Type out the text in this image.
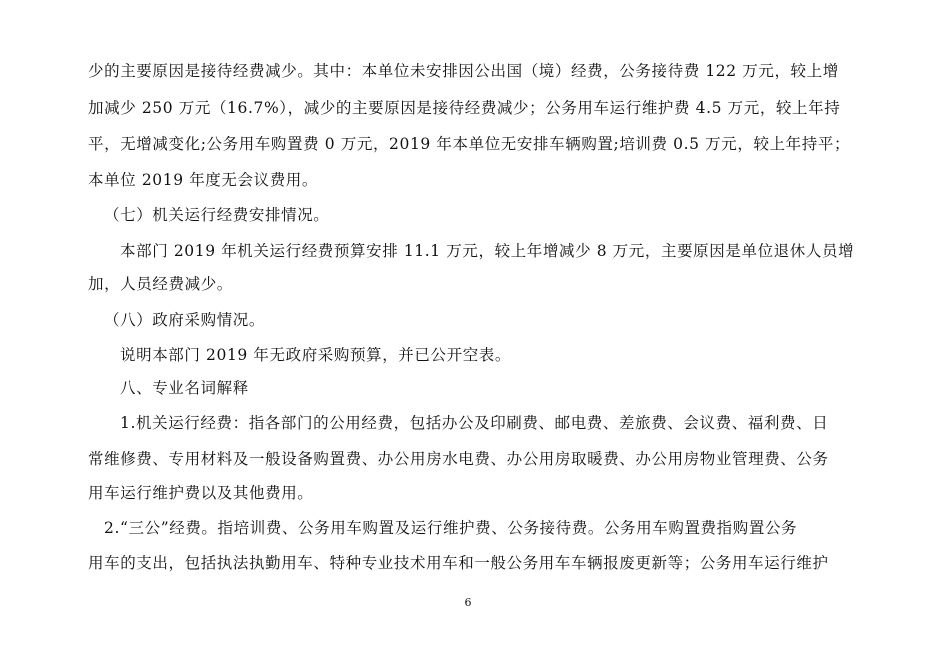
少的主要原因是接待经费减少。其中：本单位未安排因公出国（境）经费，公务接待费 122 万元，较上增
加减少 250 万元（16.7%），减少的主要原因是接待经费减少；公务用车运行维护费 4.5 万元，较上年持
平，无增减变化;公务用车购置费 0 万元，2019 年本单位无安排车辆购置;培训费 0.5 万元，较上年持平；
本单位 2019 年度无会议费用。
（七）机关运行经费安排情况。
本部门 2019 年机关运行经费预算安排 11.1 万元，较上年增减少 8 万元，主要原因是单位退休人员增
加，人员经费减少。
（八）政府采购情况。
说明本部门 2019 年无政府采购预算，并已公开空表。
八、专业名词解释
1.机关运行经费：指各部门的公用经费，包括办公及印刷费、邮电费、差旅费、会议费、福利费、日
常维修费、专用材料及一般设备购置费、办公用房水电费、办公用房取暖费、办公用房物业管理费、公务
用车运行维护费以及其他费用。
2.“三公”经费。指培训费、公务用车购置及运行维护费、公务接待费。公务用车购置费指购置公务
用车的支出，包括执法执勤用车、特种专业技术用车和一般公务用车车辆报废更新等；公务用车运行维护
6
